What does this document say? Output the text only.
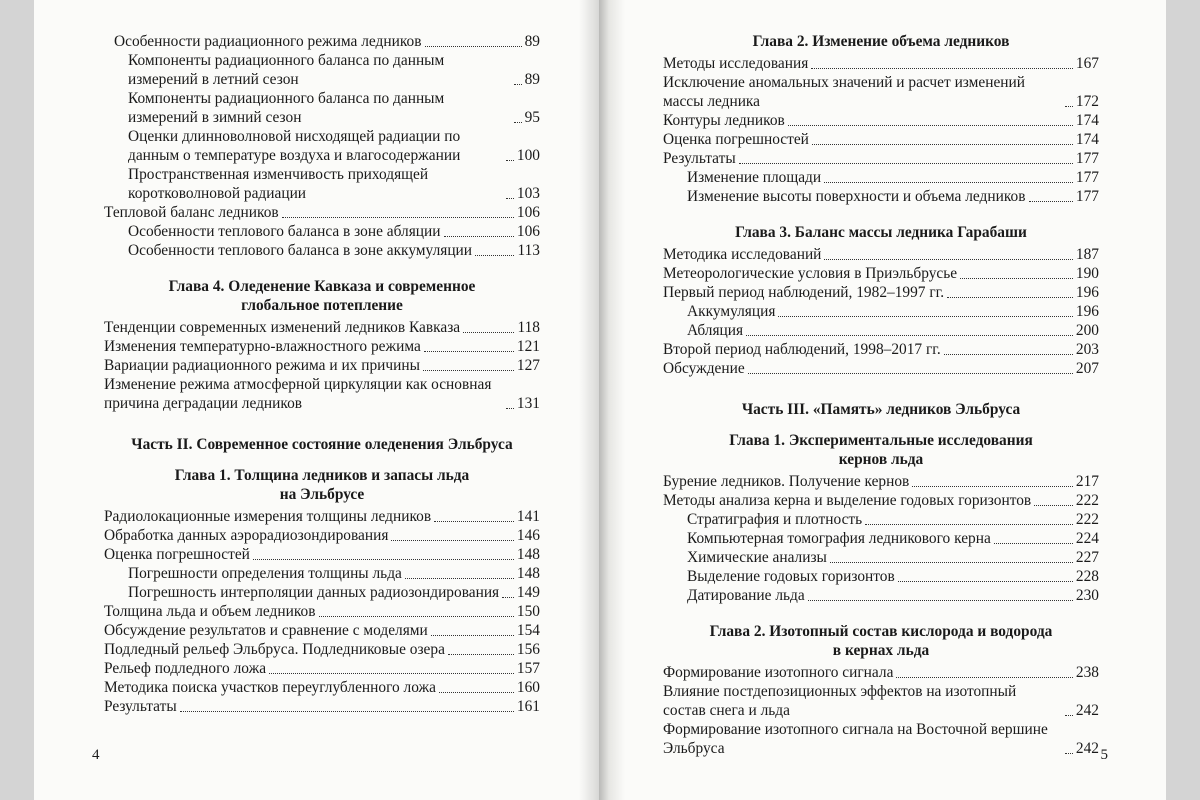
Особенности радиационного режима ледников	89
Компоненты радиационного баланса по данным измерений в летний сезон	89
Компоненты радиационного баланса по данным измерений в зимний сезон	95
Оценки длинноволновой нисходящей радиации по данным о температуре воздуха и влагосодержании	100
Пространственная изменчивость приходящей коротковолновой радиации	103
Тепловой баланс ледников	106
Особенности теплового баланса в зоне абляции	106
Особенности теплового баланса в зоне аккумуляции	113
Глава 4. Оледенение Кавказа и современное
глобальное потепление
Тенденции современных изменений ледников Кавказа	118
Изменения температурно-влажностного режима	121
Вариации радиационного режима и их причины	127
Изменение режима атмосферной циркуляции как основная причина деградации ледников	131
Часть II. Современное состояние оледенения Эльбруса
Глава 1. Толщина ледников и запасы льда
на Эльбрусе
Радиолокационные измерения толщины ледников	141
Обработка данных аэрорадиозондирования	146
Оценка погрешностей	148
Погрешности определения толщины льда	148
Погрешность интерполяции данных радиозондирования 149
Толщина льда и объем ледников	150
Обсуждение результатов и сравнение с моделями	154
Подледный рельеф Эльбруса. Подледниковые озера	156
Рельеф подледного ложа	157
Методика поиска участков переуглубленного ложа	160
Результаты	161
4
Глава 2. Изменение объема ледников
Методы исследования	167
Исключение аномальных значений и расчет изменений массы ледника	172
Контуры ледников	174
Оценка погрешностей	174
Результаты	177
Изменение площади	177
Изменение высоты поверхности и объема ледников	177
Глава 3. Баланс массы ледника Гарабаши
Методика исследований	187
Метеорологические условия в Приэльбрусье	190
Первый период наблюдений, 1982–1997 гг.	196
Аккумуляция	196
Абляция	200
Второй период наблюдений, 1998–2017 гг.	203
Обсуждение	207
Часть III. «Память» ледников Эльбруса
Глава 1. Экспериментальные исследования
кернов льда
Бурение ледников. Получение кернов	217
Методы анализа керна и выделение годовых горизонтов	222
Стратиграфия и плотность	222
Компьютерная томография ледникового керна	224
Химические анализы	227
Выделение годовых горизонтов	228
Датирование льда	230
Глава 2. Изотопный состав кислорода и водорода
в кернах льда
Формирование изотопного сигнала	238
Влияние постдепозиционных эффектов на изотопный состав снега и льда	242
Формирование изотопного сигнала на Восточной вершине Эльбруса	242 5
